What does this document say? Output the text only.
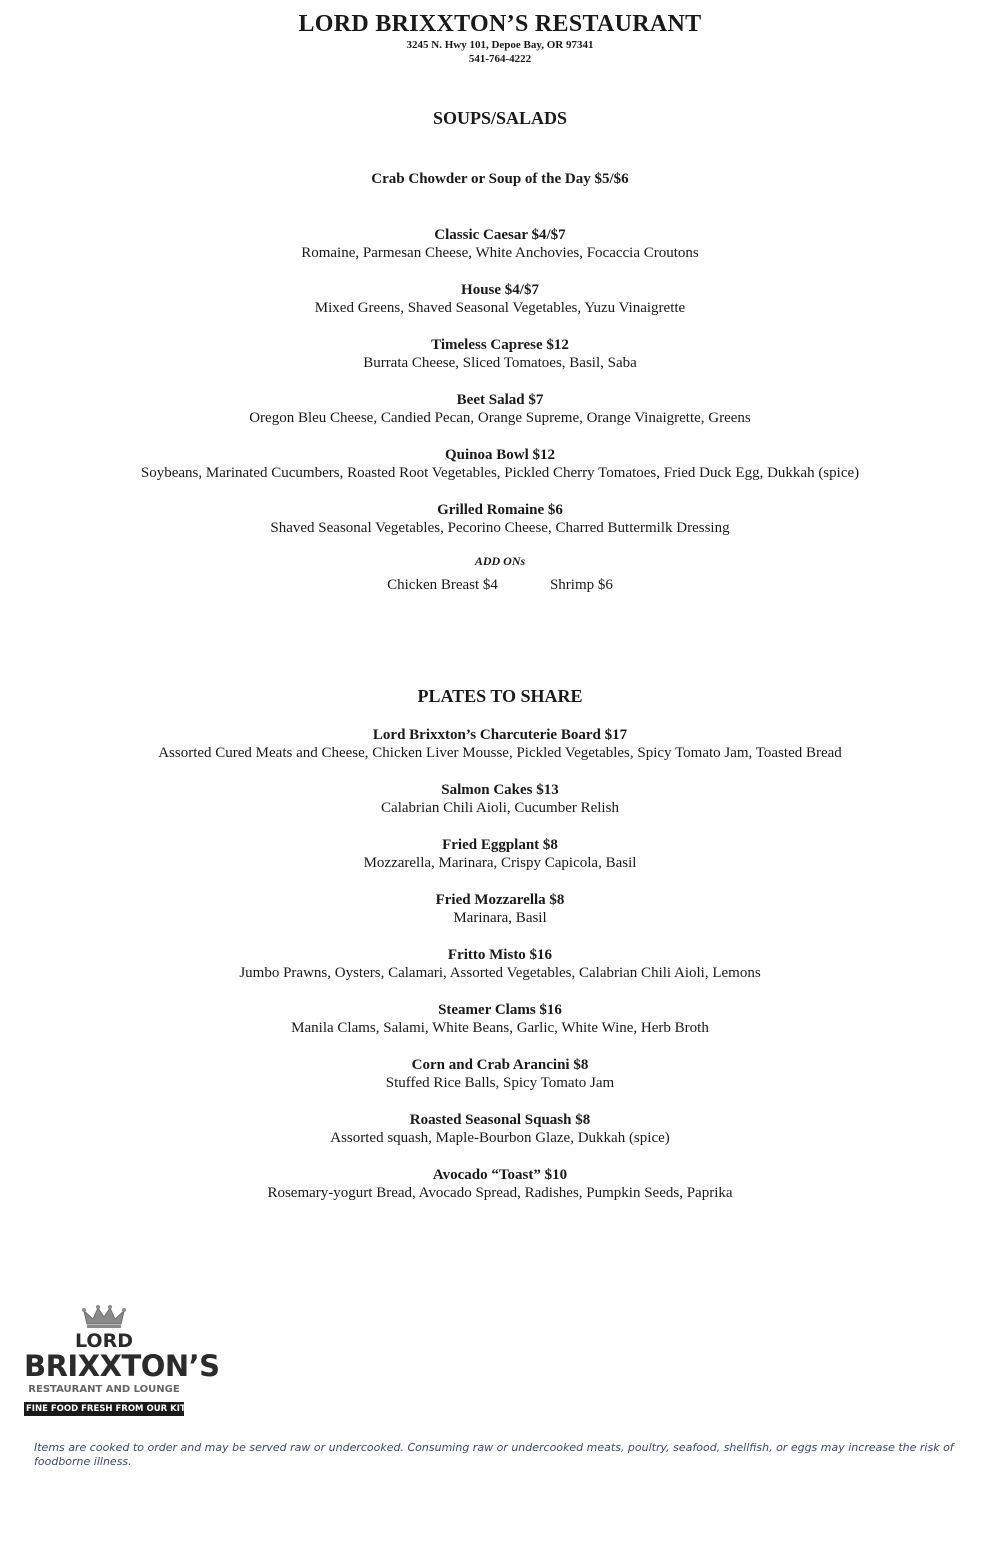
LORD BRIXXTON’S RESTAURANT
3245 N. Hwy 101, Depoe Bay, OR 97341
541-764-4222
SOUPS/SALADS
Crab Chowder or Soup of the Day $5/$6
Classic Caesar $4/$7
Romaine, Parmesan Cheese, White Anchovies, Focaccia Croutons
House $4/$7
Mixed Greens, Shaved Seasonal Vegetables, Yuzu Vinaigrette
Timeless Caprese $12
Burrata Cheese, Sliced Tomatoes, Basil, Saba
Beet Salad $7
Oregon Bleu Cheese, Candied Pecan, Orange Supreme, Orange Vinaigrette, Greens
Quinoa Bowl $12
Soybeans, Marinated Cucumbers, Roasted Root Vegetables, Pickled Cherry Tomatoes, Fried Duck Egg, Dukkah (spice)
Grilled Romaine $6
Shaved Seasonal Vegetables, Pecorino Cheese, Charred Buttermilk Dressing
ADD ONs
Chicken Breast $4	Shrimp $6
PLATES TO SHARE
Lord Brixxton’s Charcuterie Board $17
Assorted Cured Meats and Cheese, Chicken Liver Mousse, Pickled Vegetables, Spicy Tomato Jam, Toasted Bread
Salmon Cakes $13
Calabrian Chili Aioli, Cucumber Relish
Fried Eggplant $8
Mozzarella, Marinara, Crispy Capicola, Basil
Fried Mozzarella $8
Marinara, Basil
Fritto Misto $16
Jumbo Prawns, Oysters, Calamari, Assorted Vegetables, Calabrian Chili Aioli, Lemons
Steamer Clams $16
Manila Clams, Salami, White Beans, Garlic, White Wine, Herb Broth
Corn and Crab Arancini $8
Stuffed Rice Balls, Spicy Tomato Jam
Roasted Seasonal Squash $8
Assorted squash, Maple-Bourbon Glaze, Dukkah (spice)
Avocado “Toast” $10
Rosemary-yogurt Bread, Avocado Spread, Radishes, Pumpkin Seeds, Paprika
LORD
BRIXXTON’S
RESTAURANT AND LOUNGE
FINE FOOD FRESH FROM OUR KITCHEN
Items are cooked to order and may be served raw or undercooked. Consuming raw or undercooked meats, poultry, seafood, shellfish, or eggs may increase the risk of foodborne illness.
